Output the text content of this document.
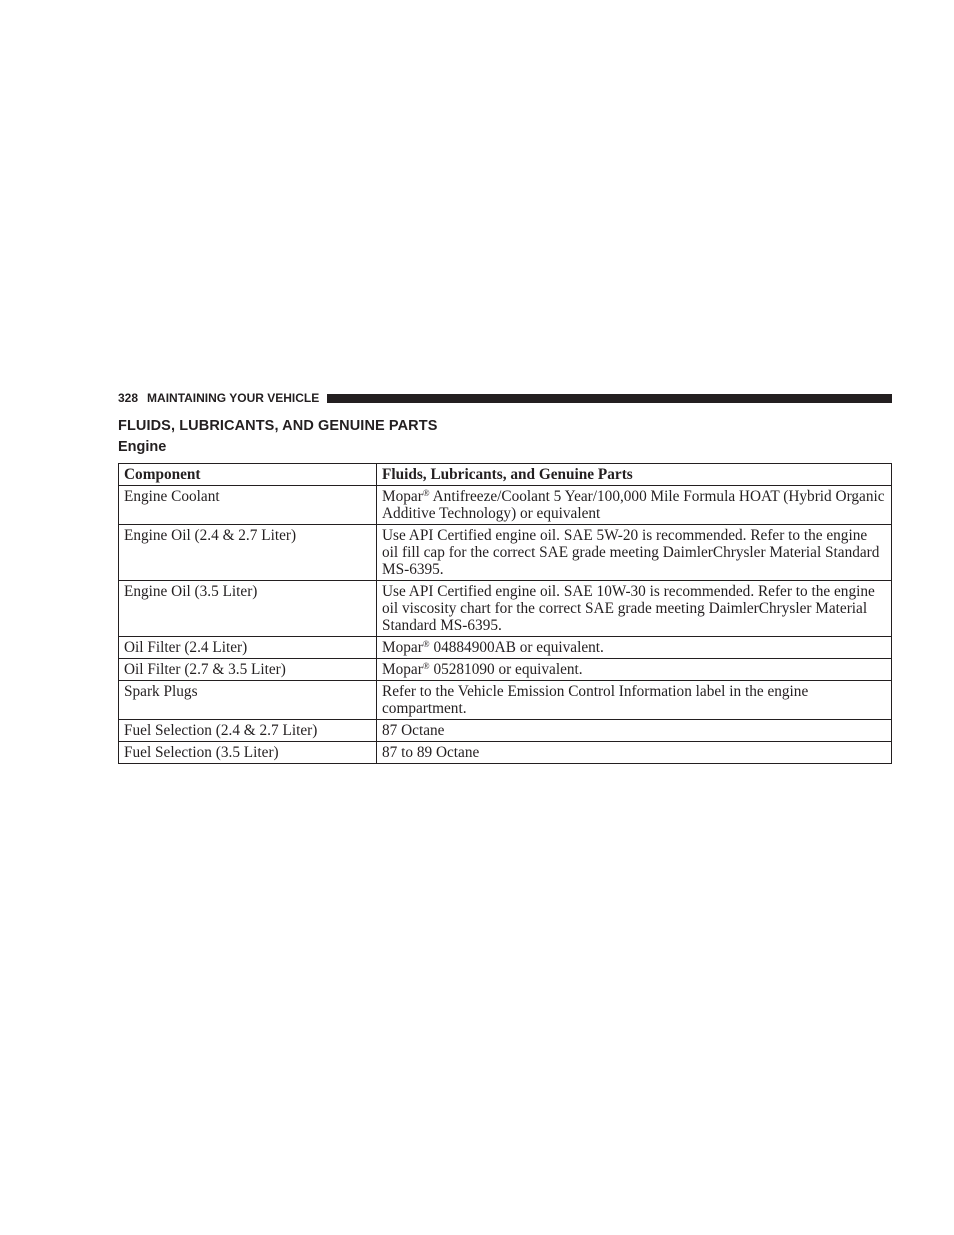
328 MAINTAINING YOUR VEHICLE
FLUIDS, LUBRICANTS, AND GENUINE PARTS
Engine
Component	Fluids, Lubricants, and Genuine Parts
Engine Coolant	Mopar® Antifreeze/Coolant 5 Year/100,000 Mile Formula HOAT (Hybrid Organic Additive Technology) or equivalent
Engine Oil (2.4 & 2.7 Liter)	Use API Certified engine oil. SAE 5W-20 is recommended. Refer to the engine oil fill cap for the correct SAE grade meeting DaimlerChrysler Material Standard MS-6395.
Engine Oil (3.5 Liter)	Use API Certified engine oil. SAE 10W-30 is recommended. Refer to the engine oil viscosity chart for the correct SAE grade meeting DaimlerChrysler Material Standard MS-6395.
Oil Filter (2.4 Liter)	Mopar® 04884900AB or equivalent.
Oil Filter (2.7 & 3.5 Liter)	Mopar® 05281090 or equivalent.
Spark Plugs	Refer to the Vehicle Emission Control Information label in the engine compartment.
Fuel Selection (2.4 & 2.7 Liter)	87 Octane
Fuel Selection (3.5 Liter)	87 to 89 Octane
